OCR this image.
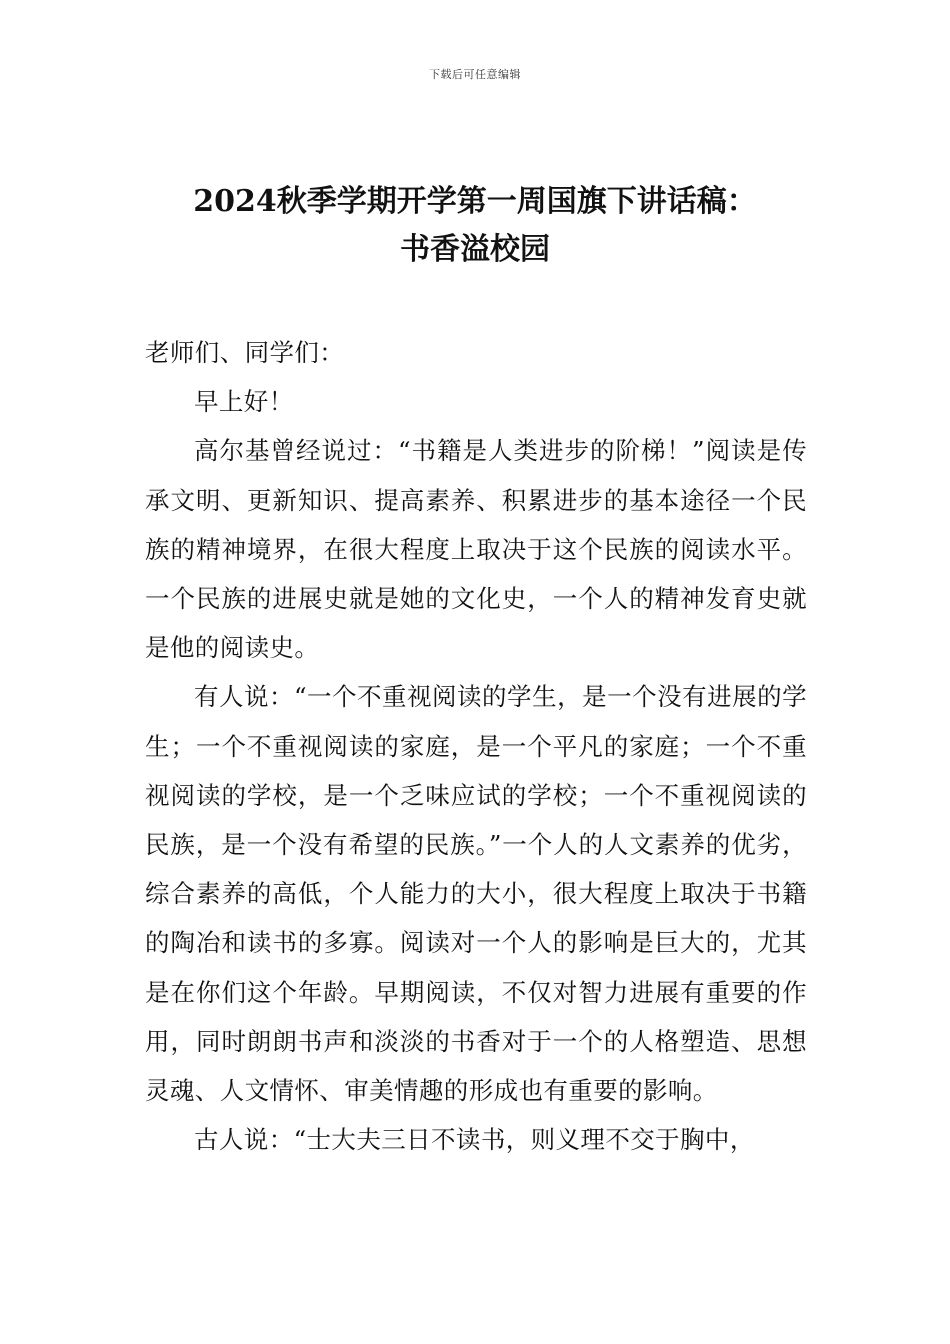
下载后可任意编辑
2024秋季学期开学第一周国旗下讲话稿：
书香溢校园

老师们、同学们：

早上好！

高尔基曾经说过：“书籍是人类进步的阶梯！”阅读是传承文明、更新知识、提高素养、积累进步的基本途径一个民族的精神境界，在很大程度上取决于这个民族的阅读水平。一个民族的进展史就是她的文化史，一个人的精神发育史就是他的阅读史。

有人说：“一个不重视阅读的学生，是一个没有进展的学生；一个不重视阅读的家庭，是一个平凡的家庭；一个不重视阅读的学校，是一个乏味应试的学校；一个不重视阅读的民族，是一个没有希望的民族。”一个人的人文素养的优劣，综合素养的高低，个人能力的大小，很大程度上取决于书籍的陶冶和读书的多寡。阅读对一个人的影响是巨大的，尤其是在你们这个年龄。早期阅读，不仅对智力进展有重要的作用，同时朗朗书声和淡淡的书香对于一个的人格塑造、思想灵魂、人文情怀、审美情趣的形成也有重要的影响。

古人说：“士大夫三日不读书，则义理不交于胸中，
